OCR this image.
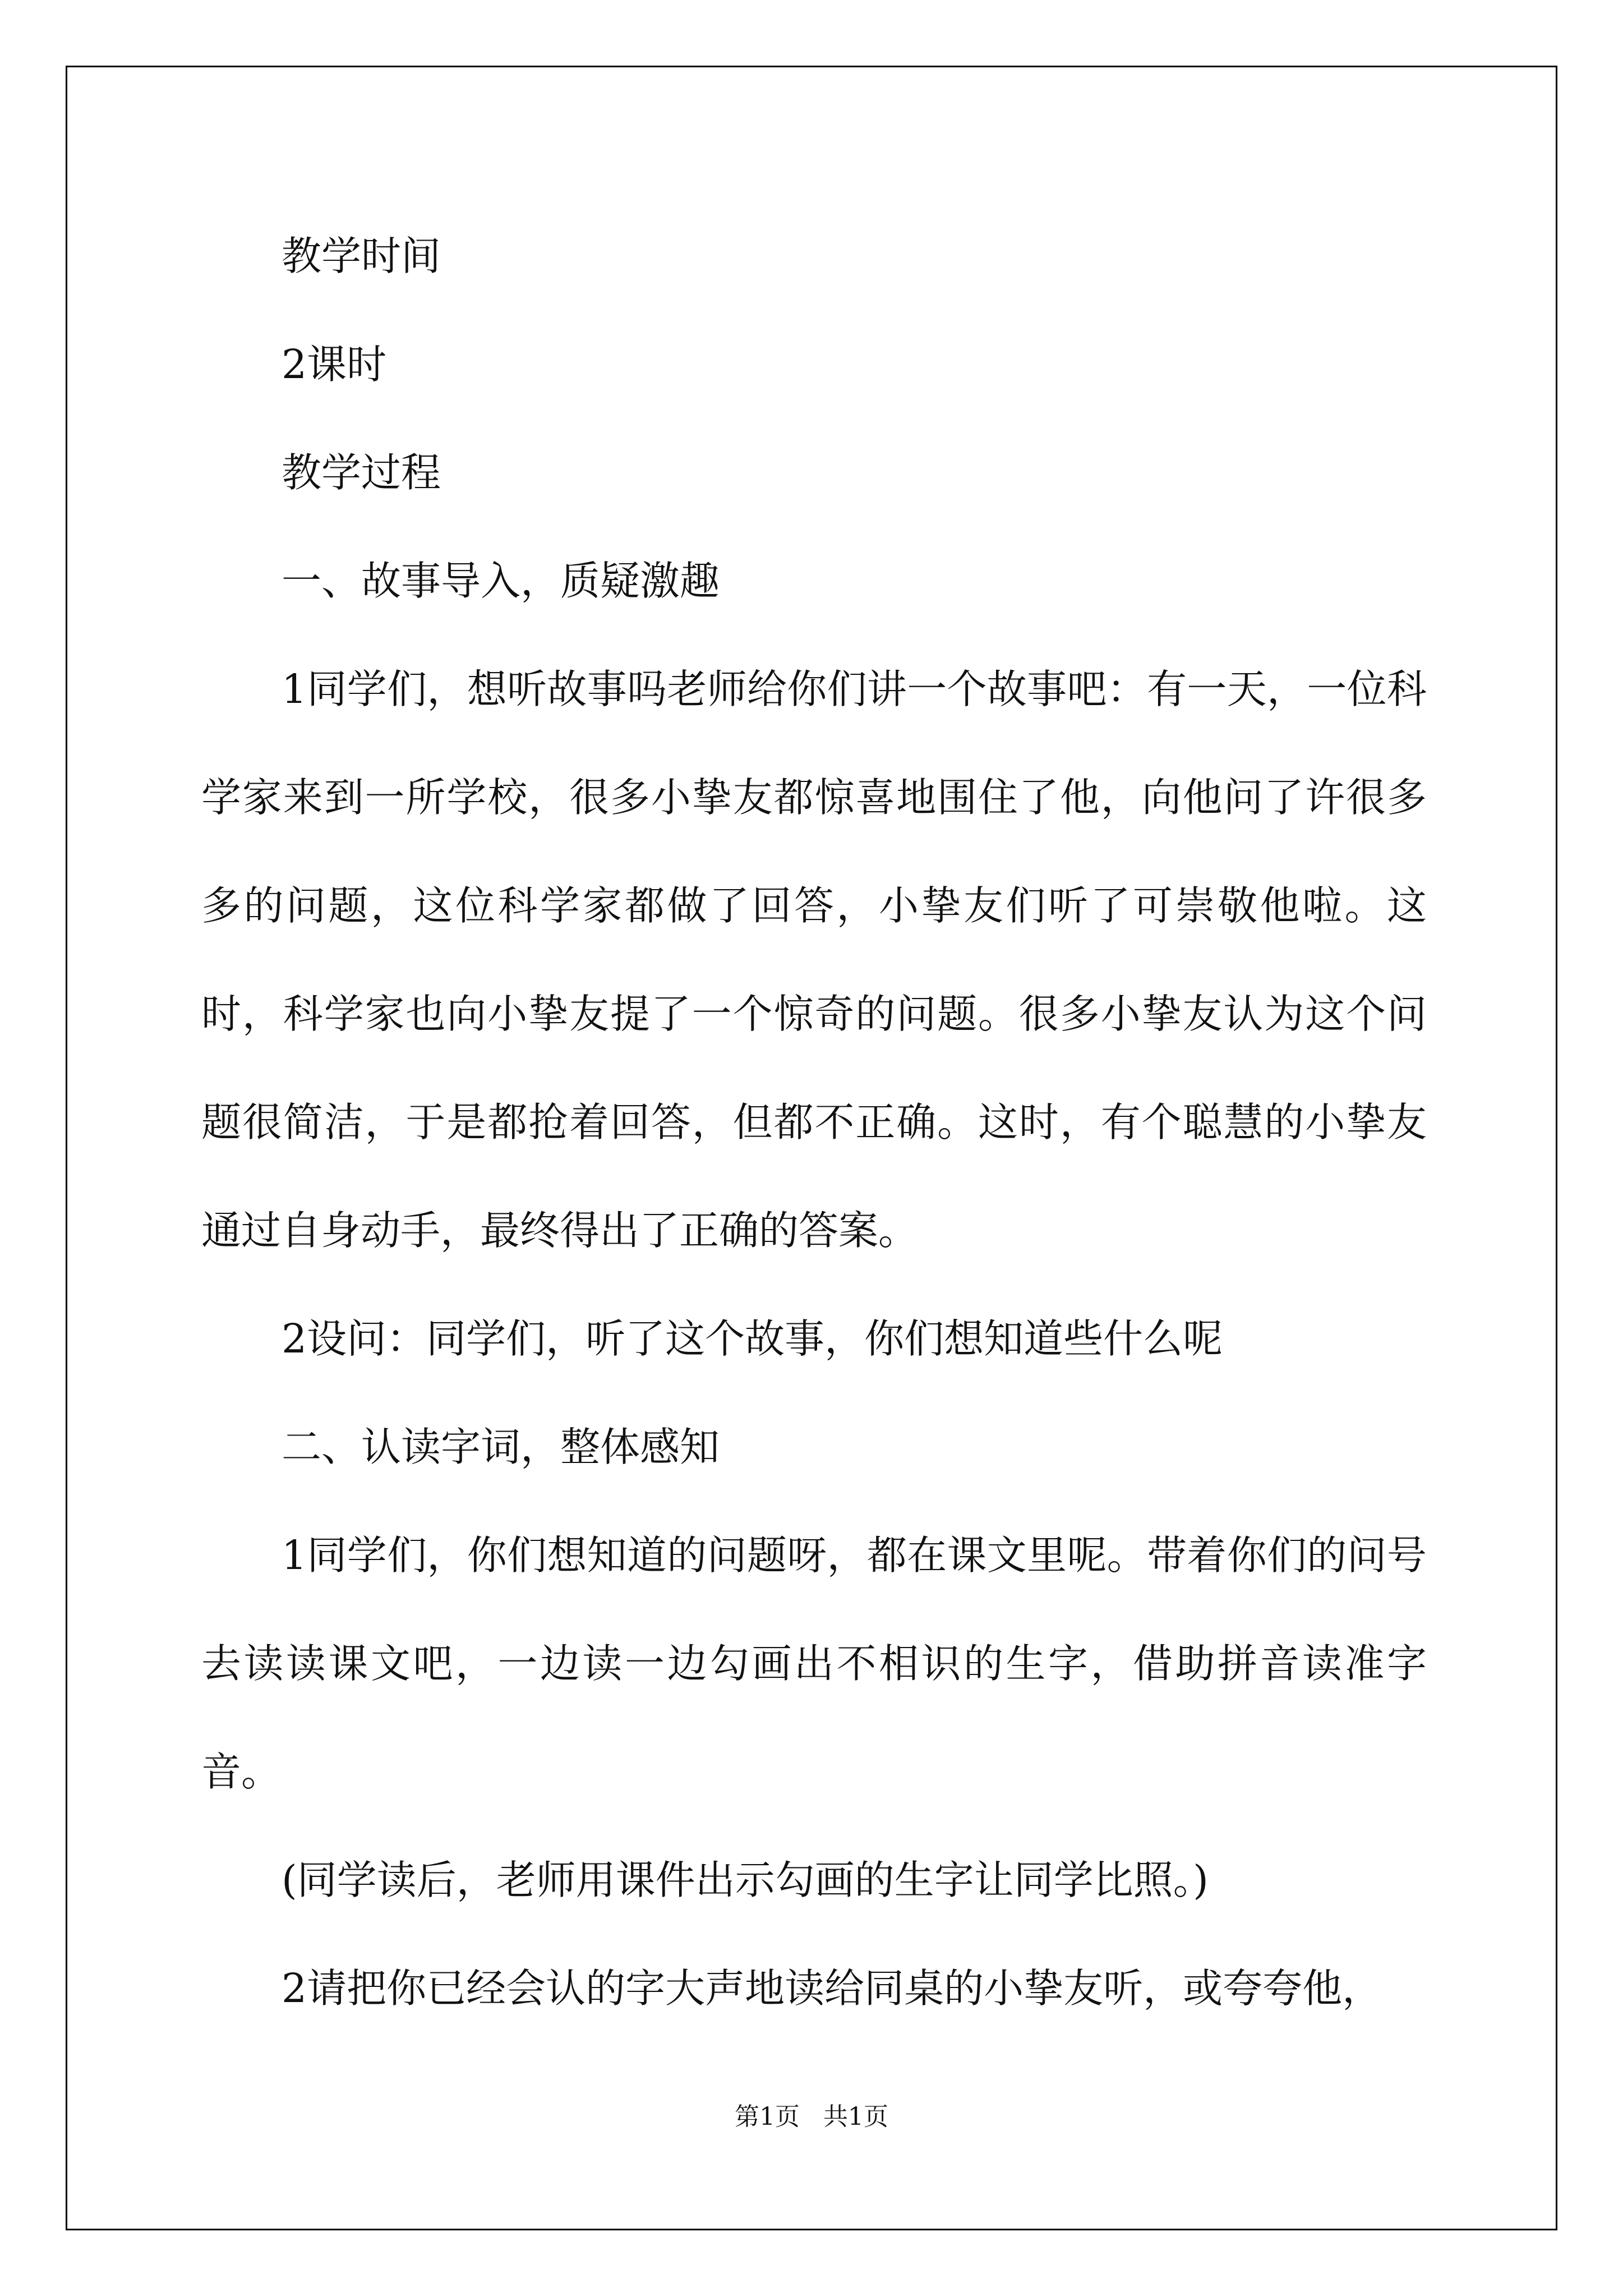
教学时间

2课时

教学过程

一、故事导入，质疑激趣

1同学们，想听故事吗老师给你们讲一个故事吧：有一天，一位科学家来到一所学校，很多小挚友都惊喜地围住了他，向他问了许很多多的问题，这位科学家都做了回答，小挚友们听了可崇敬他啦。这时，科学家也向小挚友提了一个惊奇的问题。很多小挚友认为这个问题很简洁，于是都抢着回答，但都不正确。这时，有个聪慧的小挚友通过自身动手，最终得出了正确的答案。

2设问：同学们，听了这个故事，你们想知道些什么呢

二、认读字词，整体感知

1同学们，你们想知道的问题呀，都在课文里呢。带着你们的问号去读读课文吧，一边读一边勾画出不相识的生字，借助拼音读准字音。

(同学读后，老师用课件出示勾画的生字让同学比照。)

2请把你已经会认的字大声地读给同桌的小挚友听，或夸夸他，

第1页   共1页
